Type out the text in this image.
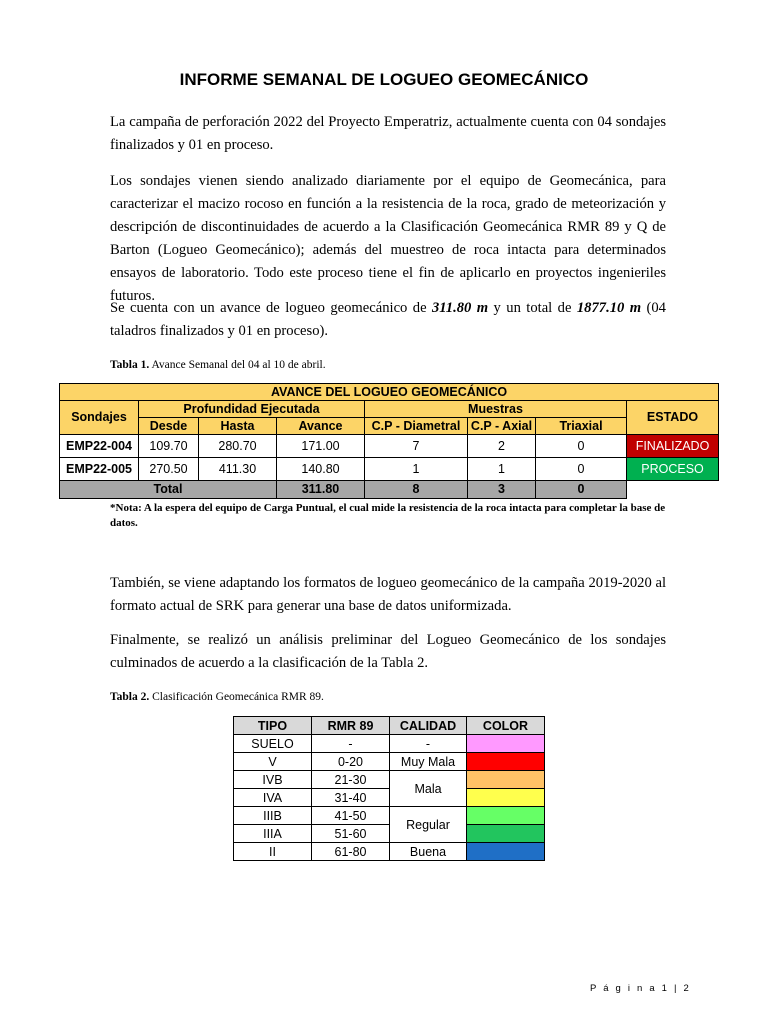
INFORME SEMANAL DE LOGUEO GEOMECÁNICO

La campaña de perforación 2022 del Proyecto Emperatriz, actualmente cuenta con 04 sondajes finalizados y 01 en proceso.

Los sondajes vienen siendo analizado diariamente por el equipo de Geomecánica, para caracterizar el macizo rocoso en función a la resistencia de la roca, grado de meteorización y descripción de discontinuidades de acuerdo a la Clasificación Geomecánica RMR 89 y Q de Barton (Logueo Geomecánico); además del muestreo de roca intacta para determinados ensayos de laboratorio. Todo este proceso tiene el fin de aplicarlo en proyectos ingenieriles futuros.

Se cuenta con un avance de logueo geomecánico de 311.80 m y un total de 1877.10 m (04 taladros finalizados y 01 en proceso).

Tabla 1. Avance Semanal del 04 al 10 de abril.
AVANCE DEL LOGUEO GEOMECÁNICO							
Sondajes	Profundidad Ejecutada			Muestras			ESTADO
	Desde	Hasta	Avance	C.P - Diametral	C.P - Axial	Triaxial	
EMP22-004	109.70	280.70	171.00	7	2	0	FINALIZADO
EMP22-005	270.50	411.30	140.80	1	1	0	PROCESO
Total			311.80	8	3	0	
*Nota: A la espera del equipo de Carga Puntual, el cual mide la resistencia de la roca intacta para completar la base de datos.

También, se viene adaptando los formatos de logueo geomecánico de la campaña 2019-2020 al formato actual de SRK para generar una base de datos uniformizada.

Finalmente, se realizó un análisis preliminar del Logueo Geomecánico de los sondajes culminados de acuerdo a la clasificación de la Tabla 2.

Tabla 2. Clasificación Geomecánica RMR 89.
TIPO	RMR 89	CALIDAD	COLOR
SUELO	-	-	
V	0-20	Muy Mala	
IVB	21-30	Mala	
IVA	31-40		
IIIB	41-50	Regular	
IIIA	51-60		
II	61-80	Buena	
P á g i n a 1 | 2
